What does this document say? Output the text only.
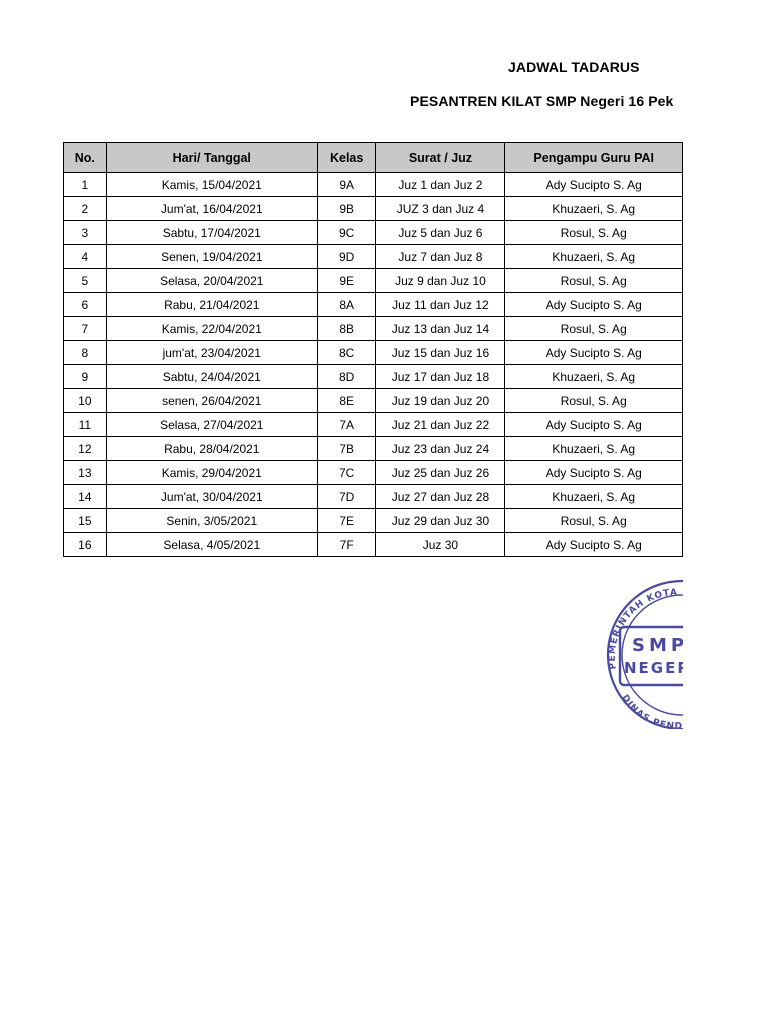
JADWAL TADARUS
PESANTREN KILAT SMP Negeri 16 Pek
No.	Hari/ Tanggal	Kelas	Surat / Juz	Pengampu Guru PAI
1	Kamis, 15/04/2021	9A	Juz 1 dan Juz 2	Ady Sucipto S. Ag
2	Jum'at, 16/04/2021	9B	JUZ 3 dan Juz 4	Khuzaeri, S. Ag
3	Sabtu, 17/04/2021	9C	Juz 5 dan Juz 6	Rosul, S. Ag
4	Senen, 19/04/2021	9D	Juz 7 dan Juz 8	Khuzaeri, S. Ag
5	Selasa, 20/04/2021	9E	Juz 9 dan Juz 10	Rosul, S. Ag
6	Rabu, 21/04/2021	8A	Juz 11 dan Juz 12	Ady Sucipto S. Ag
7	Kamis, 22/04/2021	8B	Juz 13 dan Juz 14	Rosul, S. Ag
8	jum'at, 23/04/2021	8C	Juz 15 dan Juz 16	Ady Sucipto S. Ag
9	Sabtu, 24/04/2021	8D	Juz 17 dan Juz 18	Khuzaeri, S. Ag
10	senen, 26/04/2021	8E	Juz 19 dan Juz 20	Rosul, S. Ag
11	Selasa, 27/04/2021	7A	Juz 21 dan Juz 22	Ady Sucipto S. Ag
12	Rabu, 28/04/2021	7B	Juz 23 dan Juz 24	Khuzaeri, S. Ag
13	Kamis, 29/04/2021	7C	Juz 25 dan Juz 26	Ady Sucipto S. Ag
14	Jum'at, 30/04/2021	7D	Juz 27 dan Juz 28	Khuzaeri, S. Ag
15	Senin, 3/05/2021	7E	Juz 29 dan Juz 30	Rosul, S. Ag
16	Selasa, 4/05/2021	7F	Juz 30	Ady Sucipto S. Ag
PEMERINTAH KOTA P
SMP
NEGERI
DINAS PENDI
